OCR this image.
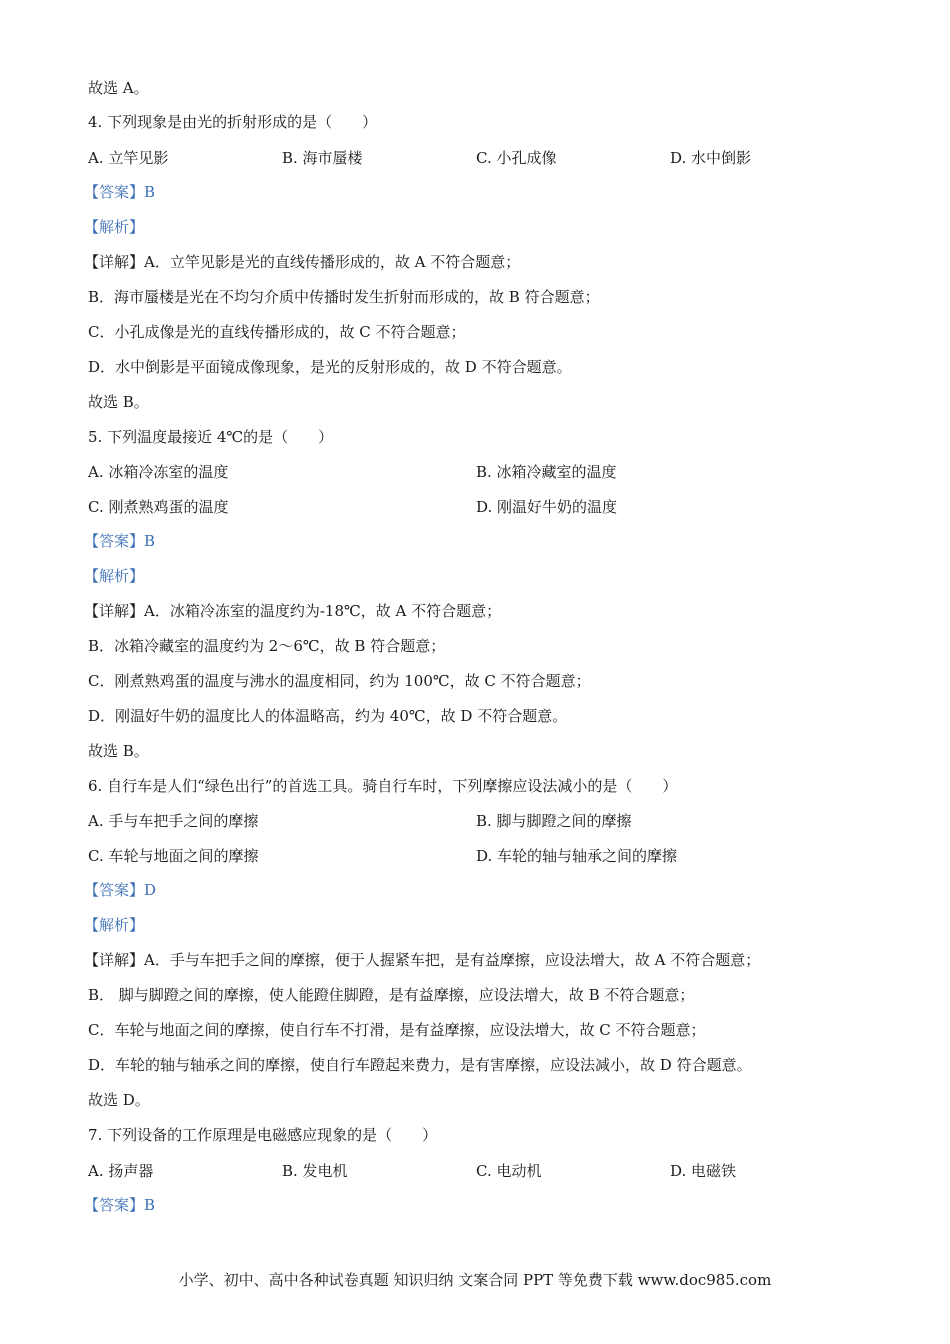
故选 A。
4. 下列现象是由光的折射形成的是（　　）
A. 立竿见影	B. 海市蜃楼	C. 小孔成像	D. 水中倒影
【答案】B
【解析】
【详解】A．立竿见影是光的直线传播形成的，故 A 不符合题意；
B．海市蜃楼是光在不均匀介质中传播时发生折射而形成的，故 B 符合题意；
C．小孔成像是光的直线传播形成的，故 C 不符合题意；
D．水中倒影是平面镜成像现象，是光的反射形成的，故 D 不符合题意。
故选 B。
5. 下列温度最接近 4℃的是（　　）
A. 冰箱冷冻室的温度	B. 冰箱冷藏室的温度
C. 刚煮熟鸡蛋的温度	D. 刚温好牛奶的温度
【答案】B
【解析】
【详解】A．冰箱冷冻室的温度约为-18℃，故 A 不符合题意；
B．冰箱冷藏室的温度约为 2～6℃，故 B 符合题意；
C．刚煮熟鸡蛋的温度与沸水的温度相同，约为 100℃，故 C 不符合题意；
D．刚温好牛奶的温度比人的体温略高，约为 40℃，故 D 不符合题意。
故选 B。
6. 自行车是人们“绿色出行”的首选工具。骑自行车时，下列摩擦应设法减小的是（　　）
A. 手与车把手之间的摩擦	B. 脚与脚蹬之间的摩擦
C. 车轮与地面之间的摩擦	D. 车轮的轴与轴承之间的摩擦
【答案】D
【解析】
【详解】A．手与车把手之间的摩擦，便于人握紧车把，是有益摩擦，应设法增大，故 A 不符合题意；
B． 脚与脚蹬之间的摩擦，使人能蹬住脚蹬，是有益摩擦，应设法增大，故 B 不符合题意；
C．车轮与地面之间的摩擦，使自行车不打滑，是有益摩擦，应设法增大，故 C 不符合题意；
D．车轮的轴与轴承之间的摩擦，使自行车蹬起来费力，是有害摩擦，应设法减小，故 D 符合题意。
故选 D。
7. 下列设备的工作原理是电磁感应现象的是（　　）
A. 扬声器	B. 发电机	C. 电动机	D. 电磁铁
【答案】B
小学、初中、高中各种试卷真题 知识归纳 文案合同 PPT 等免费下载 www.doc985.com
